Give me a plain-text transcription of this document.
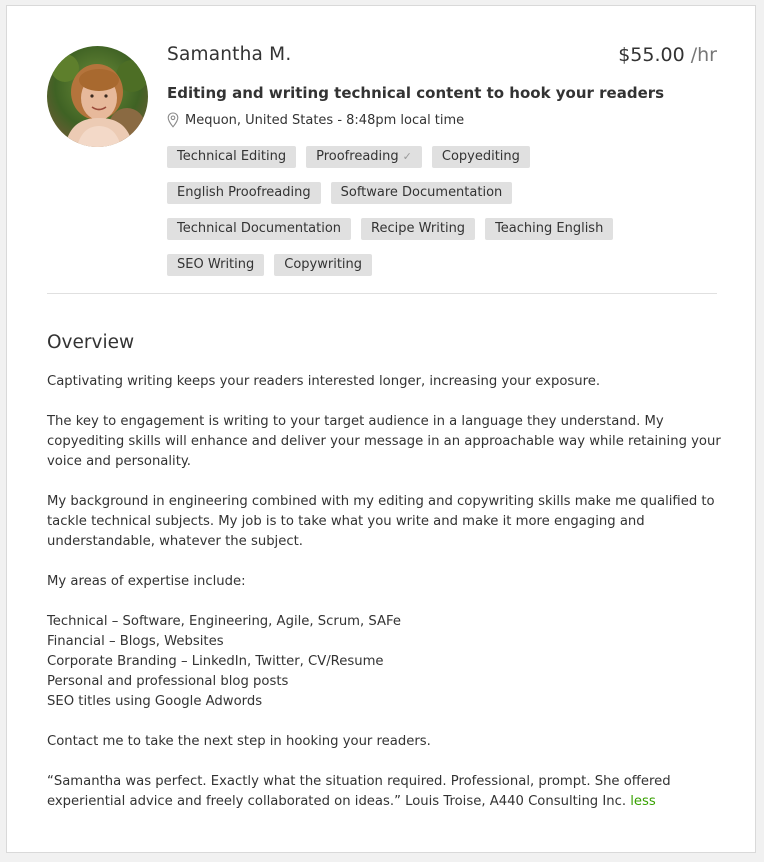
Samantha M.	$55.00 /hr
Editing and writing technical content to hook your readers
Mequon, United States - 8:48pm local time
Technical Editing	Proofreading ✓	Copyediting
English Proofreading	Software Documentation
Technical Documentation	Recipe Writing	Teaching English
SEO Writing	Copywriting
Overview

Captivating writing keeps your readers interested longer, increasing your exposure.

The key to engagement is writing to your target audience in a language they understand. My copyediting skills will enhance and deliver your message in an approachable way while retaining your voice and personality.

My background in engineering combined with my editing and copywriting skills make me qualified to tackle technical subjects. My job is to take what you write and make it more engaging and understandable, whatever the subject.

My areas of expertise include:

Technical – Software, Engineering, Agile, Scrum, SAFe
Financial – Blogs, Websites
Corporate Branding – LinkedIn, Twitter, CV/Resume
Personal and professional blog posts
SEO titles using Google Adwords

Contact me to take the next step in hooking your readers.

“Samantha was perfect. Exactly what the situation required. Professional, prompt. She offered experiential advice and freely collaborated on ideas.” Louis Troise, A440 Consulting Inc. less
